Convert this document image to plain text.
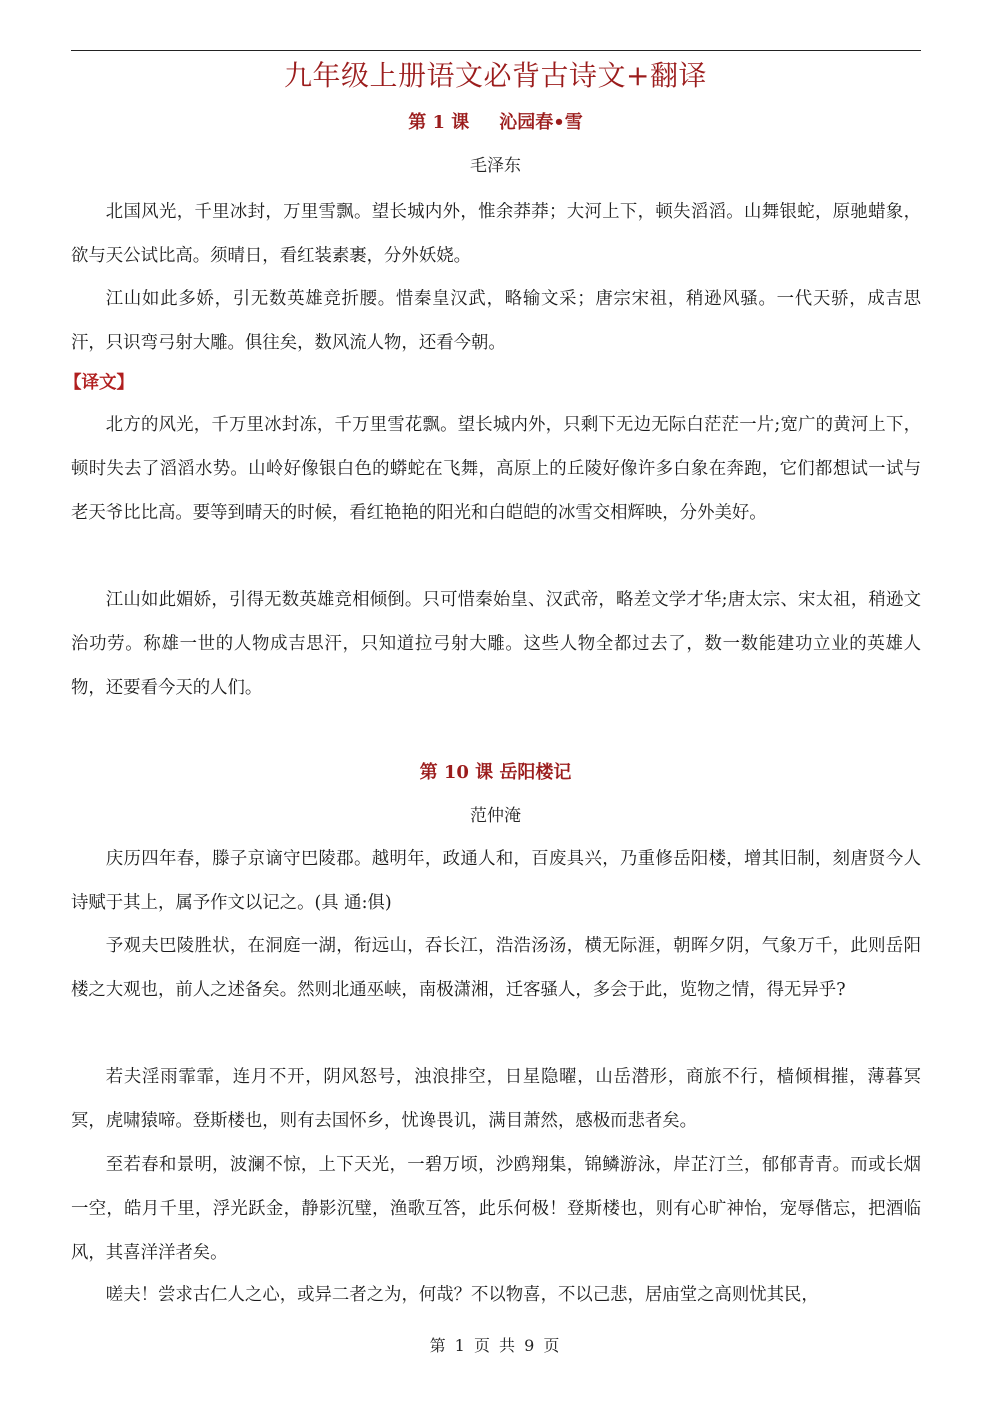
九年级上册语文必背古诗文+翻译
第 1 课 沁园春•雪
毛泽东

北国风光，千里冰封，万里雪飘。望长城内外，惟余莽莽；大河上下，顿失滔滔。山舞银蛇，原驰蜡象，欲与天公试比高。须晴日，看红装素裹，分外妖娆。

江山如此多娇，引无数英雄竞折腰。惜秦皇汉武，略输文采；唐宗宋祖，稍逊风骚。一代天骄，成吉思汗，只识弯弓射大雕。俱往矣，数风流人物，还看今朝。

【译文】

北方的风光，千万里冰封冻，千万里雪花飘。望长城内外，只剩下无边无际白茫茫一片;宽广的黄河上下，顿时失去了滔滔水势。山岭好像银白色的蟒蛇在飞舞，高原上的丘陵好像许多白象在奔跑，它们都想试一试与老天爷比比高。要等到晴天的时候，看红艳艳的阳光和白皑皑的冰雪交相辉映，分外美好。

江山如此媚娇，引得无数英雄竞相倾倒。只可惜秦始皇、汉武帝，略差文学才华;唐太宗、宋太祖，稍逊文治功劳。称雄一世的人物成吉思汗，只知道拉弓射大雕。这些人物全都过去了，数一数能建功立业的英雄人物，还要看今天的人们。

第 10 课 岳阳楼记
范仲淹

庆历四年春，滕子京谪守巴陵郡。越明年，政通人和，百废具兴，乃重修岳阳楼，增其旧制，刻唐贤今人诗赋于其上，属予作文以记之。(具 通:俱)

予观夫巴陵胜状，在洞庭一湖，衔远山，吞长江，浩浩汤汤，横无际涯，朝晖夕阴，气象万千，此则岳阳楼之大观也，前人之述备矣。然则北通巫峡，南极潇湘，迁客骚人，多会于此，览物之情，得无异乎?

若夫淫雨霏霏，连月不开，阴风怒号，浊浪排空，日星隐曜，山岳潜形，商旅不行，樯倾楫摧，薄暮冥冥，虎啸猿啼。登斯楼也，则有去国怀乡，忧谗畏讥，满目萧然，感极而悲者矣。

至若春和景明，波澜不惊，上下天光，一碧万顷，沙鸥翔集，锦鳞游泳，岸芷汀兰，郁郁青青。而或长烟一空，皓月千里，浮光跃金，静影沉璧，渔歌互答，此乐何极！登斯楼也，则有心旷神怡，宠辱偕忘，把酒临风，其喜洋洋者矣。

嗟夫！尝求古仁人之心，或异二者之为，何哉？不以物喜，不以己悲，居庙堂之高则忧其民，

第 1 页 共 9 页
